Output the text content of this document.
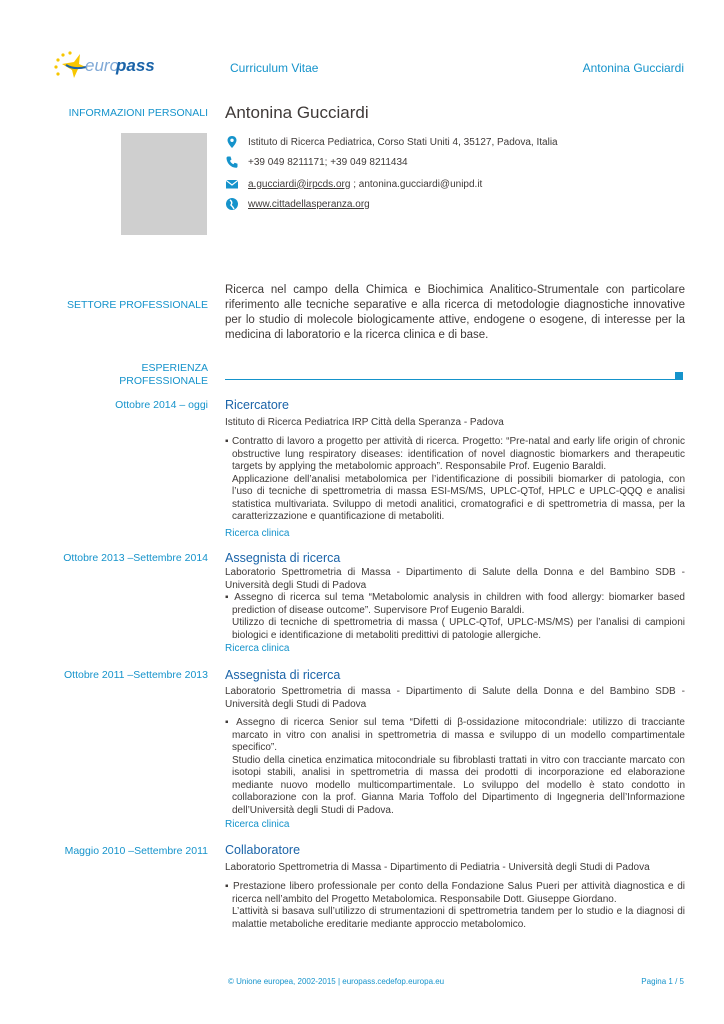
euro
pass	Curriculum Vitae	Antonina Gucciardi
INFORMAZIONI PERSONALI Antonina Gucciardi
Istituto di Ricerca Pediatrica, Corso Stati Uniti 4, 35127, Padova, Italia
+39 049 8211171; +39 049 8211434
a.gucciardi@irpcds.org ; antonina.gucciardi@unipd.it
www.cittadellasperanza.org
SETTORE PROFESSIONALE
Ricerca nel campo della Chimica e Biochimica Analitico-Strumentale con particolare riferimento alle tecniche separative e alla ricerca di metodologie diagnostiche innovative per lo studio di molecole biologicamente attive, endogene o esogene, di interesse per la medicina di laboratorio e la ricerca clinica e di base.
ESPERIENZA
PROFESSIONALE
Ottobre 2014 – oggi Ricercatore
Istituto di Ricerca Pediatrica IRP Città della Speranza - Padova
▪ Contratto di lavoro a progetto per attività di ricerca. Progetto: “Pre-natal and early life origin of chronic obstructive lung respiratory diseases: identification of novel diagnostic biomarkers and therapeutic targets by applying the metabolomic approach”. Responsabile Prof. Eugenio Baraldi.
Applicazione dell’analisi metabolomica per l’identificazione di possibili biomarker di patologia, con l’uso di tecniche di spettrometria di massa ESI-MS/MS, UPLC-QTof, HPLC e UPLC-QQQ e analisi statistica multivariata. Sviluppo di metodi analitici, cromatografici e di spettrometria di massa, per la caratterizzazione e quantificazione di metaboliti.
Ricerca clinica
Ottobre 2013 –Settembre 2014 Assegnista di ricerca
Laboratorio Spettrometria di Massa - Dipartimento di Salute della Donna e del Bambino SDB - Università degli Studi di Padova
▪ Assegno di ricerca sul tema “Metabolomic analysis in children with food allergy: biomarker based prediction of disease outcome”. Supervisore Prof Eugenio Baraldi.
Utilizzo di tecniche di spettrometria di massa ( UPLC-QTof, UPLC-MS/MS) per l’analisi di campioni biologici e identificazione di metaboliti predittivi di patologie allergiche.
Ricerca clinica
Ottobre 2011 –Settembre 2013 Assegnista di ricerca
Laboratorio Spettrometria di massa - Dipartimento di Salute della Donna e del Bambino SDB - Università degli Studi di Padova
▪ Assegno di ricerca Senior sul tema “Difetti di β-ossidazione mitocondriale: utilizzo di tracciante marcato in vitro con analisi in spettrometria di massa e sviluppo di un modello compartimentale specifico”.
Studio della cinetica enzimatica mitocondriale su fibroblasti trattati in vitro con tracciante marcato con isotopi stabili, analisi in spettrometria di massa dei prodotti di incorporazione ed elaborazione mediante nuovo modello multicompartimentale. Lo sviluppo del modello è stato condotto in collaborazione con la prof. Gianna Maria Toffolo del Dipartimento di Ingegneria dell’Informazione dell’Università degli Studi di Padova.
Ricerca clinica
Maggio 2010 –Settembre 2011 Collaboratore
Laboratorio Spettrometria di Massa - Dipartimento di Pediatria - Università degli Studi di Padova
▪ Prestazione libero professionale per conto della Fondazione Salus Pueri per attività diagnostica e di ricerca nell’ambito del Progetto Metabolomica. Responsabile Dott. Giuseppe Giordano.
L’attività si basava sull’utilizzo di strumentazioni di spettrometria tandem per lo studio e la diagnosi di malattie metaboliche ereditarie mediante approccio metabolomico.
© Unione europea, 2002-2015 | europass.cedefop.europa.eu	Pagina 1 / 5
